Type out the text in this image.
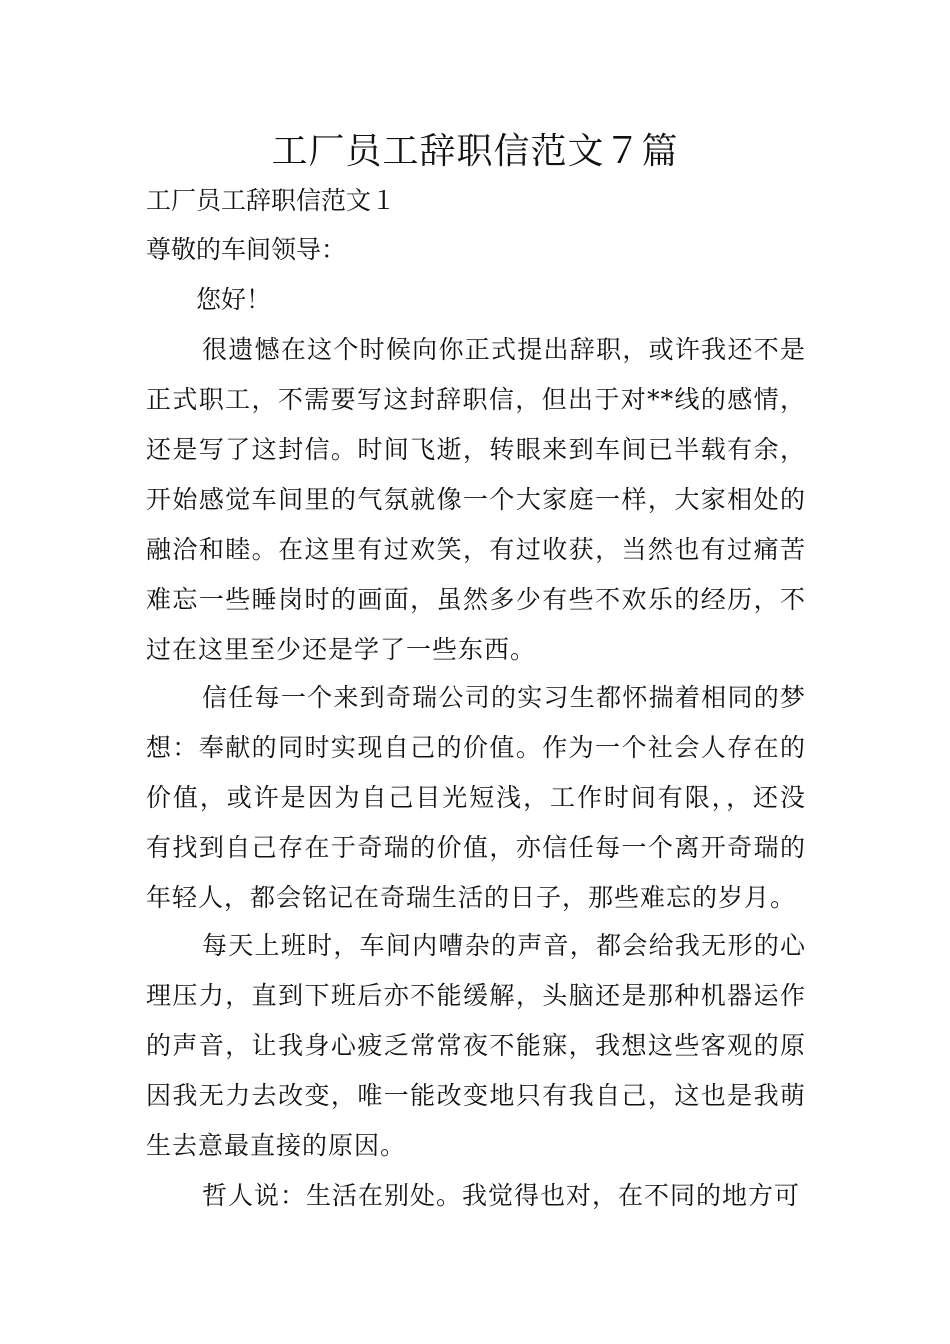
工厂员工辞职信范文７篇

工厂员工辞职信范文１

尊敬的车间领导：

您好！

很遗憾在这个时候向你正式提出辞职，或许我还不是正式职工，不需要写这封辞职信，但出于对**线的感情，还是写了这封信。时间飞逝，转眼来到车间已半载有余，开始感觉车间里的气氛就像一个大家庭一样，大家相处的融洽和睦。在这里有过欢笑，有过收获，当然也有过痛苦难忘一些睡岗时的画面，虽然多少有些不欢乐的经历，不过在这里至少还是学了一些东西。

信任每一个来到奇瑞公司的实习生都怀揣着相同的梦想：奉献的同时实现自己的价值。作为一个社会人存在的价值，或许是因为自己目光短浅，工作时间有限，，还没有找到自己存在于奇瑞的价值，亦信任每一个离开奇瑞的年轻人，都会铭记在奇瑞生活的日子，那些难忘的岁月。

每天上班时，车间内嘈杂的声音，都会给我无形的心理压力，直到下班后亦不能缓解，头脑还是那种机器运作的声音，让我身心疲乏常常夜不能寐，我想这些客观的原因我无力去改变，唯一能改变地只有我自己，这也是我萌生去意最直接的原因。

哲人说：生活在别处。我觉得也对，在不同的地方可
